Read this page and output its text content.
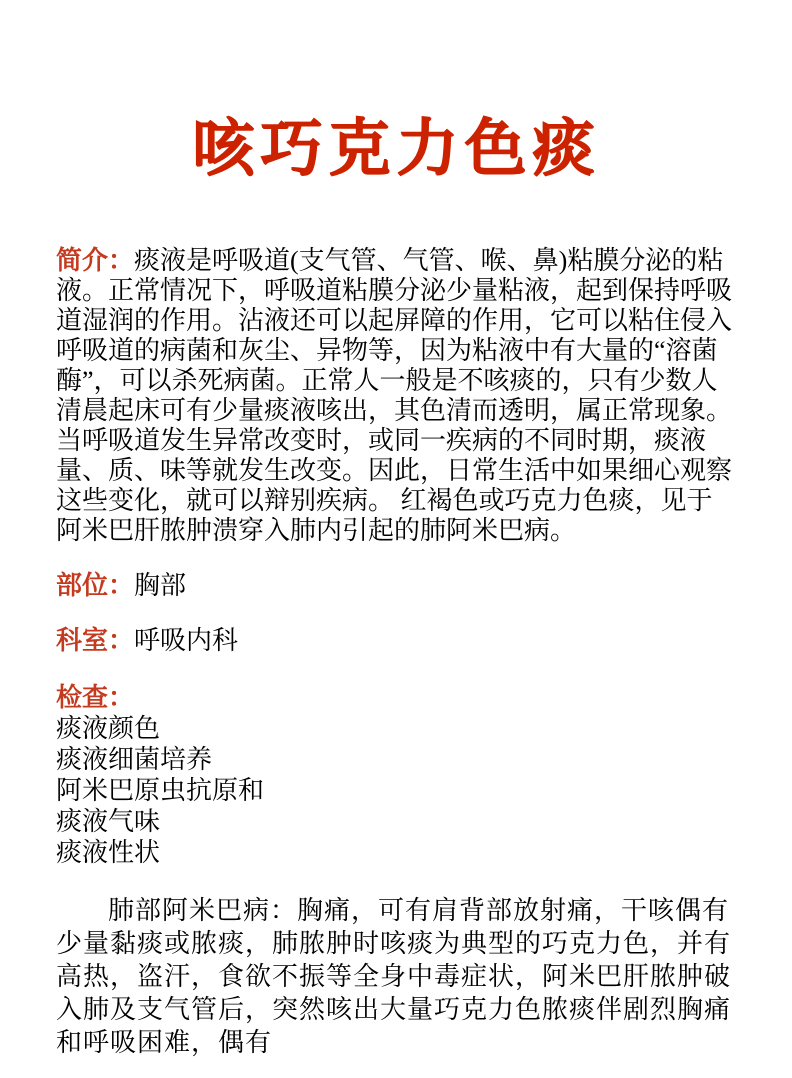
咳巧克力色痰

简介：痰液是呼吸道(支气管、气管、喉、鼻)粘膜分泌的粘液。正常情况下，呼吸道粘膜分泌少量粘液，起到保持呼吸道湿润的作用。沾液还可以起屏障的作用，它可以粘住侵入呼吸道的病菌和灰尘、异物等，因为粘液中有大量的“溶菌酶”，可以杀死病菌。正常人一般是不咳痰的，只有少数人清晨起床可有少量痰液咳出，其色清而透明，属正常现象。当呼吸道发生异常改变时，或同一疾病的不同时期，痰液量、质、味等就发生改变。因此，日常生活中如果细心观察这些变化，就可以辩别疾病。 红褐色或巧克力色痰，见于阿米巴肝脓肿溃穿入肺内引起的肺阿米巴病。

部位：胸部

科室：呼吸内科

检查：
痰液颜色
痰液细菌培养
阿米巴原虫抗原和
痰液气味
痰液性状

肺部阿米巴病：胸痛，可有肩背部放射痛，干咳偶有少量黏痰或脓痰，肺脓肿时咳痰为典型的巧克力色，并有高热，盗汗，食欲不振等全身中毒症状，阿米巴肝脓肿破入肺及支气管后，突然咳出大量巧克力色脓痰伴剧烈胸痛和呼吸困难，偶有
